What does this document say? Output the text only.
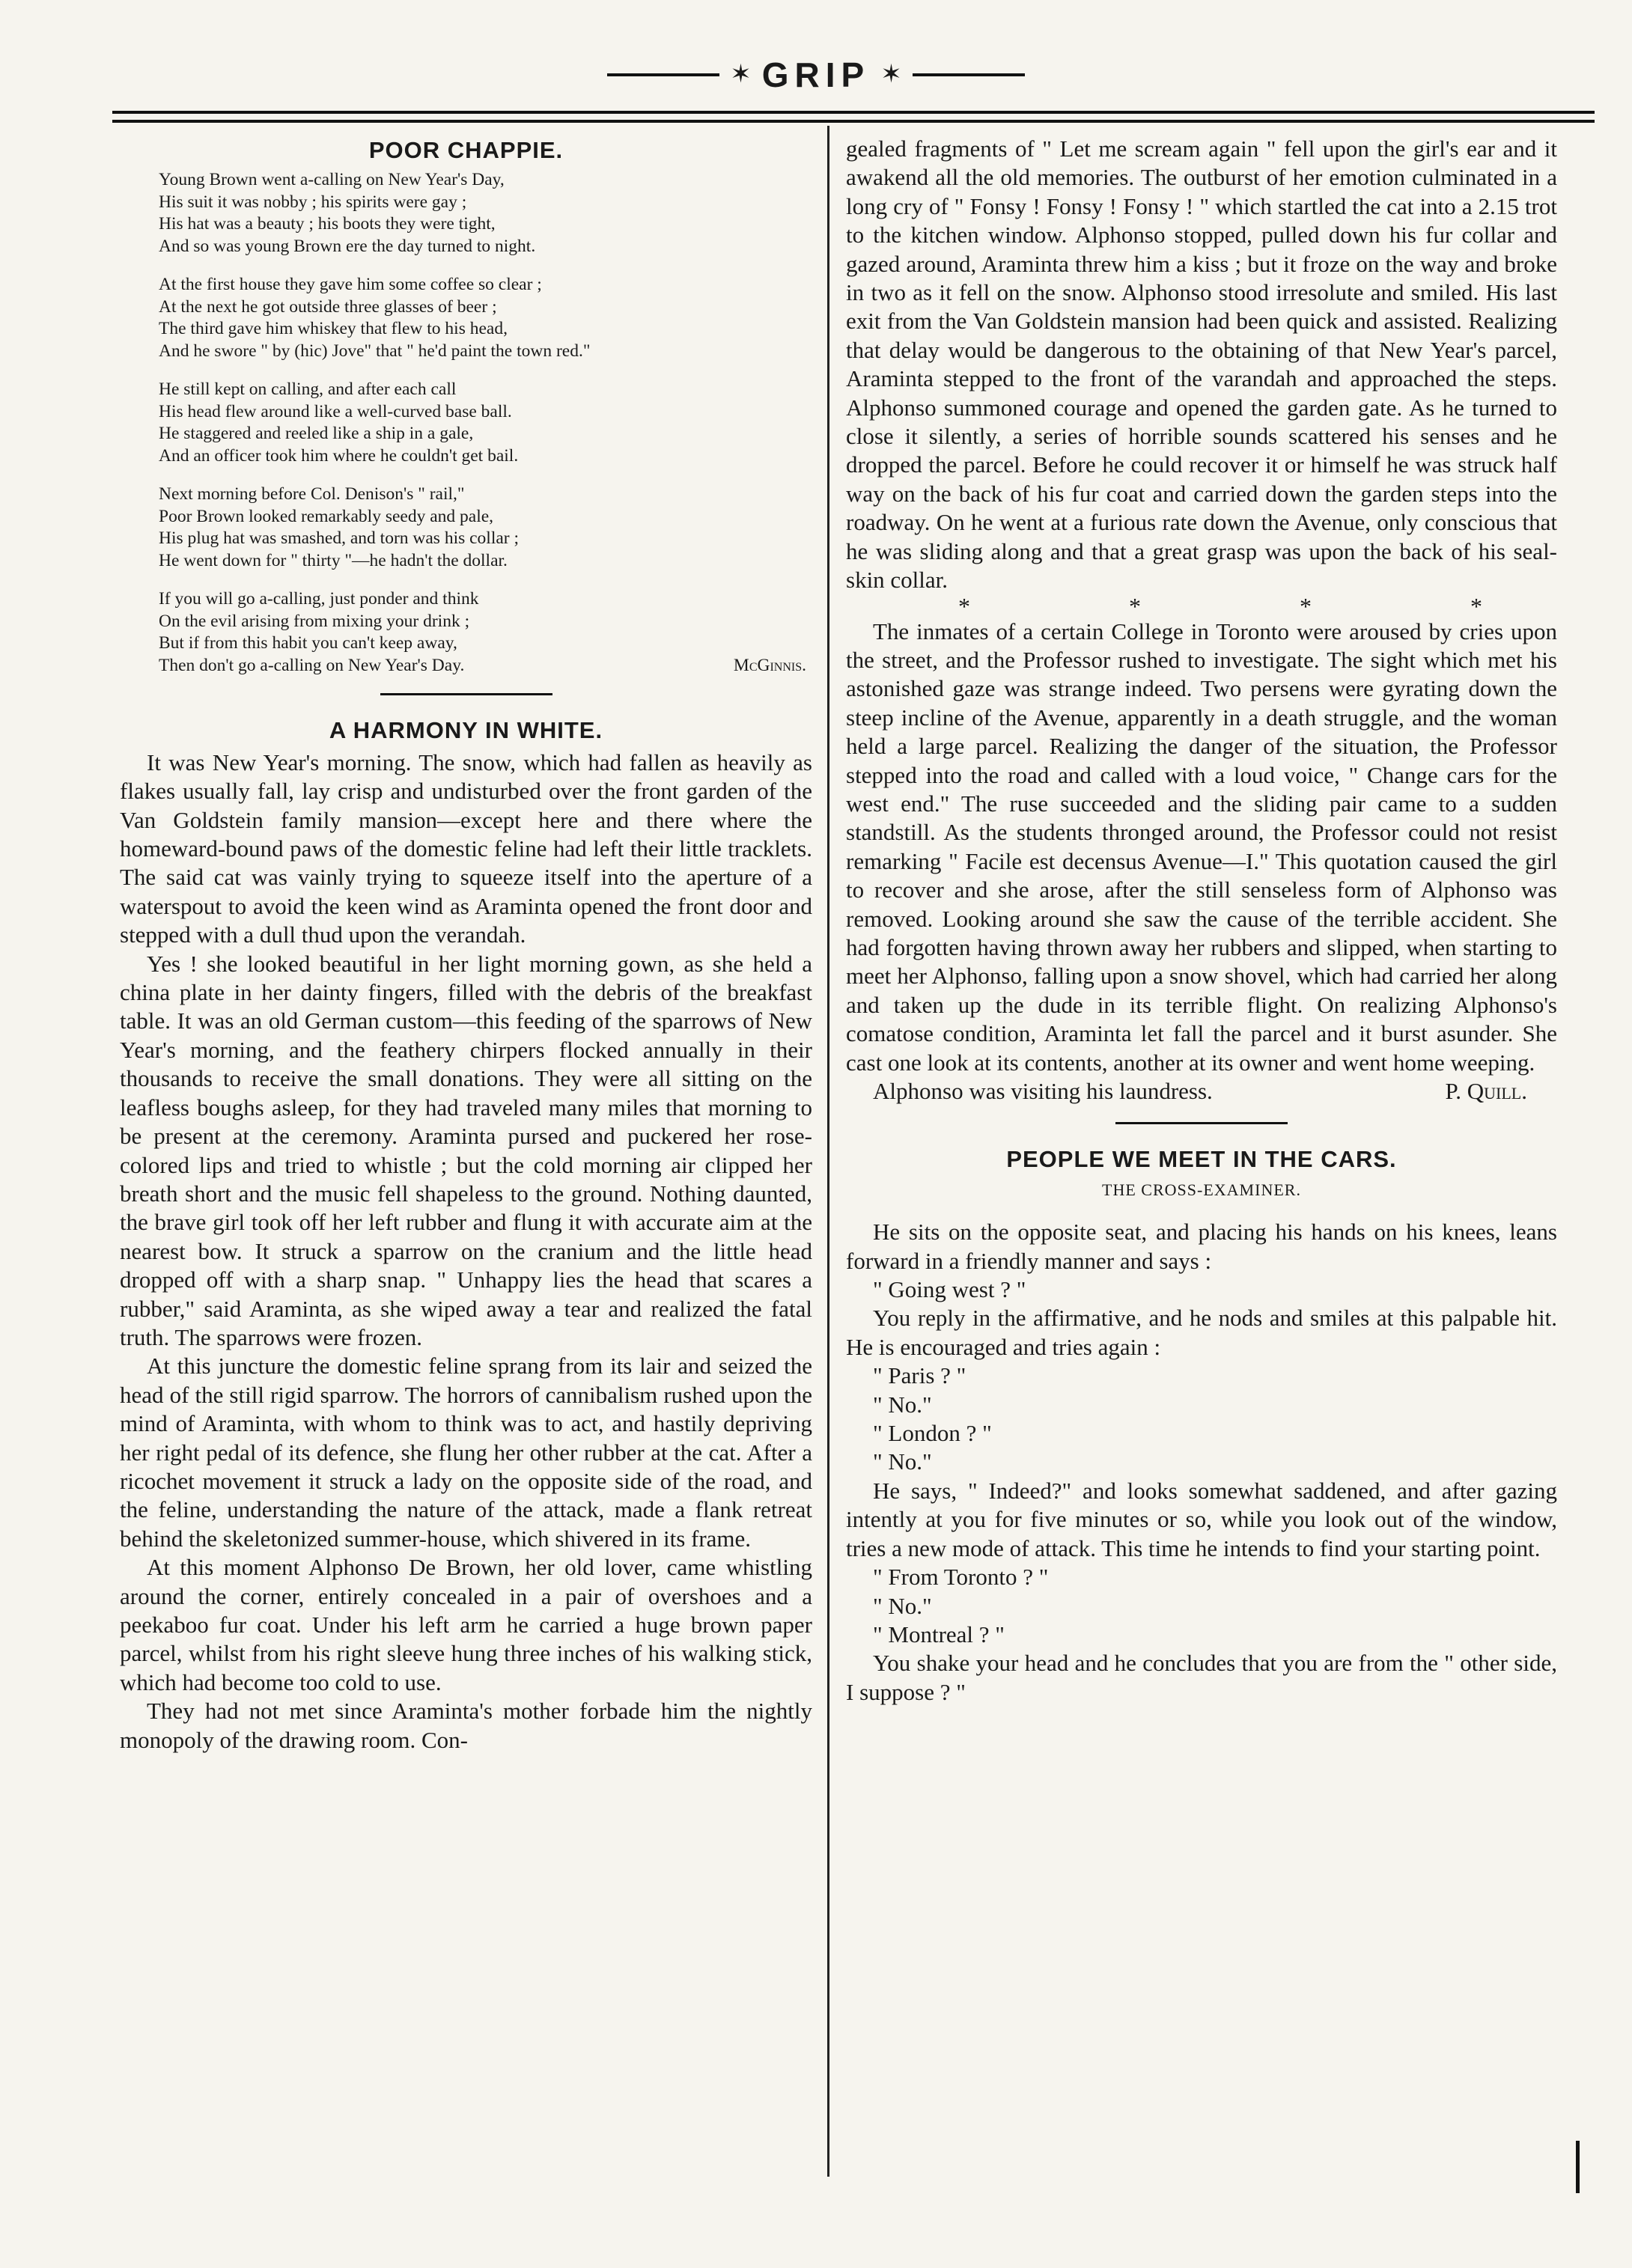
✶ GRIP ✶
POOR CHAPPIE.
Young Brown went a-calling on New Year's Day,
His suit it was nobby ; his spirits were gay ;
His hat was a beauty ; his boots they were tight,
And so was young Brown ere the day turned to night.
At the first house they gave him some coffee so clear ;
At the next he got outside three glasses of beer ;
The third gave him whiskey that flew to his head,
And he swore " by (hic) Jove" that " he'd paint the town red."
He still kept on calling, and after each call
His head flew around like a well-curved base ball.
He staggered and reeled like a ship in a gale,
And an officer took him where he couldn't get bail.
Next morning before Col. Denison's " rail,"
Poor Brown looked remarkably seedy and pale,
His plug hat was smashed, and torn was his collar ;
He went down for " thirty "—he hadn't the dollar.
If you will go a-calling, just ponder and think
On the evil arising from mixing your drink ;
But if from this habit you can't keep away,
Then don't go a-calling on New Year's Day.	McGinnis.
A HARMONY IN WHITE.

It was New Year's morning. The snow, which had fallen as heavily as flakes usually fall, lay crisp and undisturbed over the front garden of the Van Goldstein family mansion—except here and there where the homeward-bound paws of the domestic feline had left their little tracklets. The said cat was vainly trying to squeeze itself into the aperture of a waterspout to avoid the keen wind as Araminta opened the front door and stepped with a dull thud upon the verandah.

Yes ! she looked beautiful in her light morning gown, as she held a china plate in her dainty fingers, filled with the debris of the breakfast table. It was an old German custom—this feeding of the sparrows of New Year's morning, and the feathery chirpers flocked annually in their thousands to receive the small donations. They were all sitting on the leafless boughs asleep, for they had traveled many miles that morning to be present at the ceremony. Araminta pursed and puckered her rose-colored lips and tried to whistle ; but the cold morning air clipped her breath short and the music fell shapeless to the ground. Nothing daunted, the brave girl took off her left rubber and flung it with accurate aim at the nearest bow. It struck a sparrow on the cranium and the little head dropped off with a sharp snap. " Unhappy lies the head that scares a rubber," said Araminta, as she wiped away a tear and realized the fatal truth. The sparrows were frozen.

At this juncture the domestic feline sprang from its lair and seized the head of the still rigid sparrow. The horrors of cannibalism rushed upon the mind of Araminta, with whom to think was to act, and hastily depriving her right pedal of its defence, she flung her other rubber at the cat. After a ricochet movement it struck a lady on the opposite side of the road, and the feline, understanding the nature of the attack, made a flank retreat behind the skeletonized summer-house, which shivered in its frame.

At this moment Alphonso De Brown, her old lover, came whistling around the corner, entirely concealed in a pair of overshoes and a peekaboo fur coat. Under his left arm he carried a huge brown paper parcel, whilst from his right sleeve hung three inches of his walking stick, which had become too cold to use.

They had not met since Araminta's mother forbade him the nightly monopoly of the drawing room. Con-

gealed fragments of " Let me scream again " fell upon the girl's ear and it awakend all the old memories. The outburst of her emotion culminated in a long cry of " Fonsy ! Fonsy ! Fonsy ! " which startled the cat into a 2.15 trot to the kitchen window. Alphonso stopped, pulled down his fur collar and gazed around, Araminta threw him a kiss ; but it froze on the way and broke in two as it fell on the snow. Alphonso stood irresolute and smiled. His last exit from the Van Goldstein mansion had been quick and assisted. Realizing that delay would be dangerous to the obtaining of that New Year's parcel, Araminta stepped to the front of the varandah and approached the steps. Alphonso summoned courage and opened the garden gate. As he turned to close it silently, a series of horrible sounds scattered his senses and he dropped the parcel. Before he could recover it or himself he was struck half way on the back of his fur coat and carried down the garden steps into the roadway. On he went at a furious rate down the Avenue, only conscious that he was sliding along and that a great grasp was upon the back of his seal-skin collar.

*	*	*	*

The inmates of a certain College in Toronto were aroused by cries upon the street, and the Professor rushed to investigate. The sight which met his astonished gaze was strange indeed. Two persens were gyrating down the steep incline of the Avenue, apparently in a death struggle, and the woman held a large parcel. Realizing the danger of the situation, the Professor stepped into the road and called with a loud voice, " Change cars for the west end." The ruse succeeded and the sliding pair came to a sudden standstill. As the students thronged around, the Professor could not resist remarking " Facile est decensus Avenue—I." This quotation caused the girl to recover and she arose, after the still senseless form of Alphonso was removed. Looking around she saw the cause of the terrible accident. She had forgotten having thrown away her rubbers and slipped, when starting to meet her Alphonso, falling upon a snow shovel, which had carried her along and taken up the dude in its terrible flight. On realizing Alphonso's comatose condition, Araminta let fall the parcel and it burst asunder. She cast one look at its contents, another at its owner and went home weeping.

Alphonso was visiting his laundress.	P. Quill.
PEOPLE WE MEET IN THE CARS.
THE CROSS-EXAMINER.

He sits on the opposite seat, and placing his hands on his knees, leans forward in a friendly manner and says :

" Going west ? "

You reply in the affirmative, and he nods and smiles at this palpable hit. He is encouraged and tries again :

" Paris ? "

" No."

" London ? "

" No."

He says, " Indeed?" and looks somewhat saddened, and after gazing intently at you for five minutes or so, while you look out of the window, tries a new mode of attack. This time he intends to find your starting point.

" From Toronto ? "

" No."

" Montreal ? "

You shake your head and he concludes that you are from the " other side, I suppose ? "
